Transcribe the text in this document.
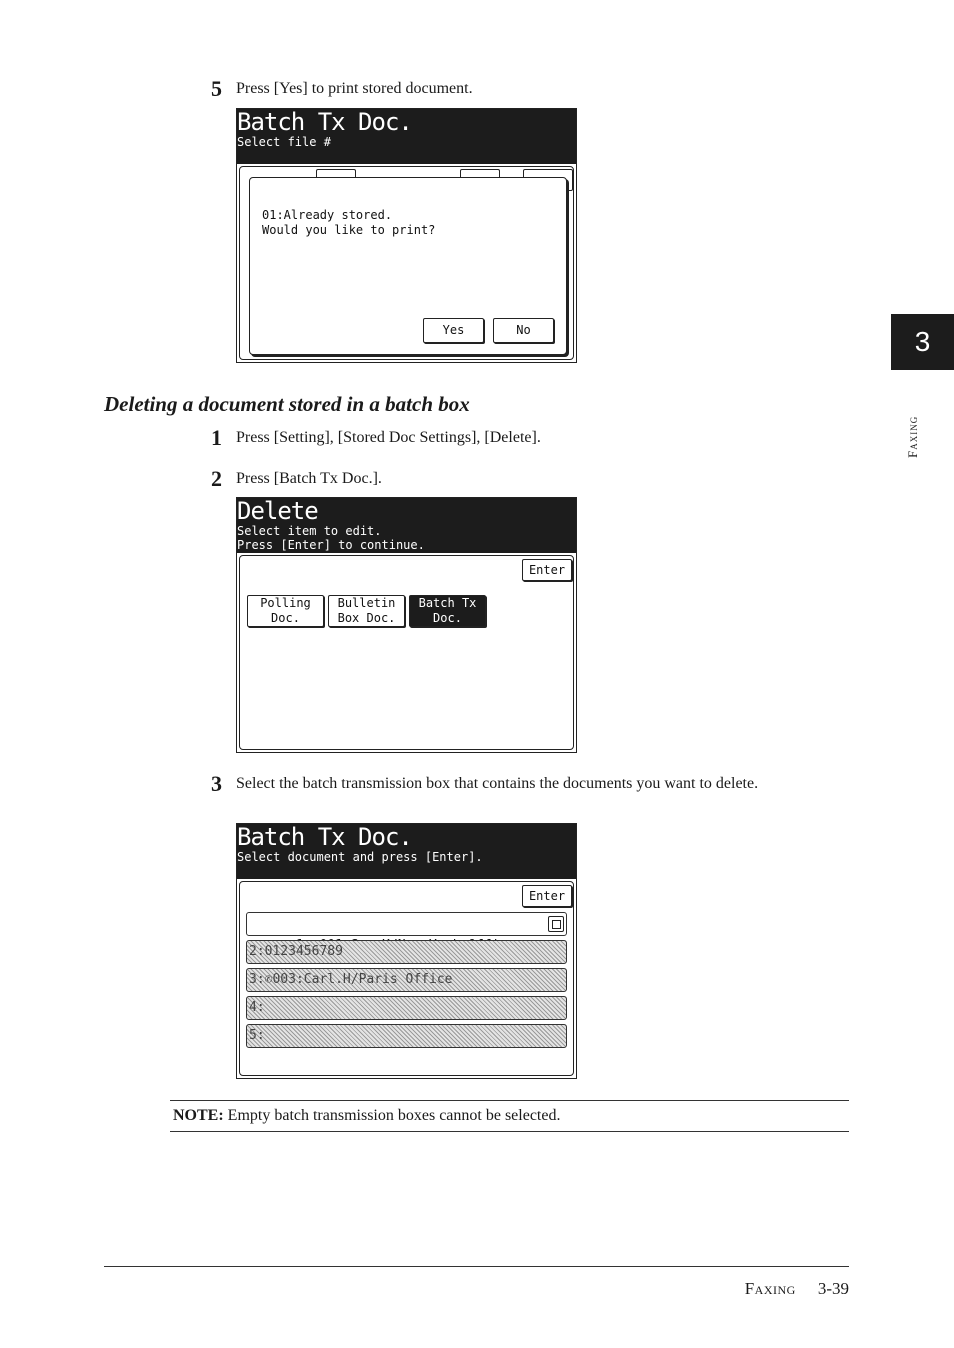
5 Press [Yes] to print stored document.
Batch Tx Doc.
Select file #
01:Already stored.
Would you like to print?
Yes	No
Deleting a document stored in a batch box
1 Press [Setting], [Stored Doc Settings], [Delete].
2 Press [Batch Tx Doc.].
Delete
Select item to edit.
Press [Enter] to continue.
Enter
Polling
Doc.
Bulletin
Box Doc.
Batch Tx
Doc.
3 Select the batch transmission box that contains the documents you want to delete.
Batch Tx Doc.
Select document and press [Enter].
Enter

2:0123456789
3:✆003:Carl.H/Paris Office
4:
5:
NOTE: Empty batch transmission boxes cannot be selected.
3
Faxing
Faxing 3-39
